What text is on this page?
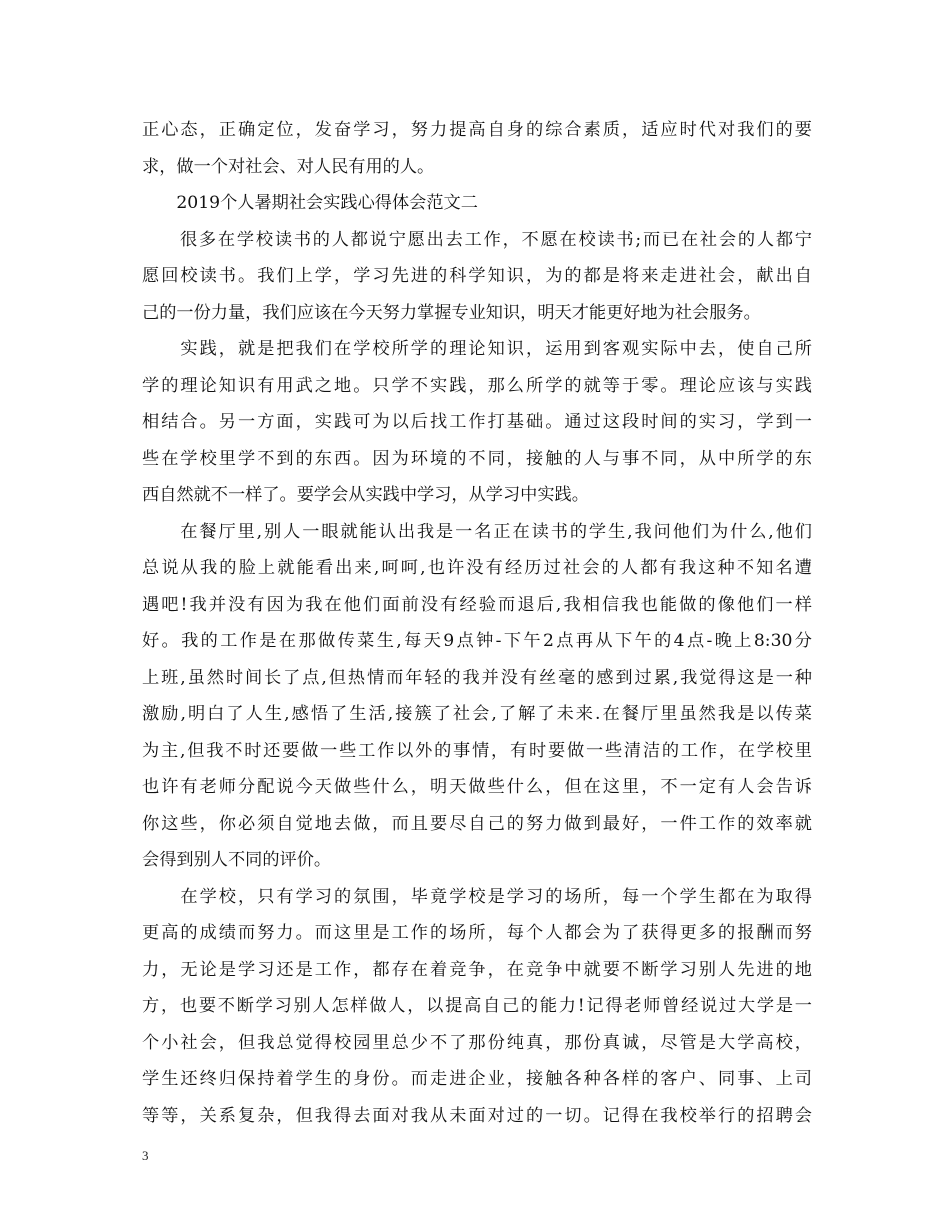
正心态，正确定位，发奋学习，努力提高自身的综合素质，适应时代对我们的要
求，做一个对社会、对人民有用的人。
　　2019个人暑期社会实践心得体会范文二
　　很多在学校读书的人都说宁愿出去工作，不愿在校读书;而已在社会的人都宁
愿回校读书。我们上学，学习先进的科学知识，为的都是将来走进社会，献出自
己的一份力量，我们应该在今天努力掌握专业知识，明天才能更好地为社会服务。
　　实践，就是把我们在学校所学的理论知识，运用到客观实际中去，使自己所
学的理论知识有用武之地。只学不实践，那么所学的就等于零。理论应该与实践
相结合。另一方面，实践可为以后找工作打基础。通过这段时间的实习，学到一
些在学校里学不到的东西。因为环境的不同，接触的人与事不同，从中所学的东
西自然就不一样了。要学会从实践中学习，从学习中实践。
　　在餐厅里,别人一眼就能认出我是一名正在读书的学生,我问他们为什么,他们
总说从我的脸上就能看出来,呵呵,也许没有经历过社会的人都有我这种不知名遭
遇吧!我并没有因为我在他们面前没有经验而退后,我相信我也能做的像他们一样
好。我的工作是在那做传菜生,每天9点钟-下午2点再从下午的4点-晚上8:30分
上班,虽然时间长了点,但热情而年轻的我并没有丝毫的感到过累,我觉得这是一种
激励,明白了人生,感悟了生活,接簇了社会,了解了未来.在餐厅里虽然我是以传菜
为主,但我不时还要做一些工作以外的事情，有时要做一些清洁的工作，在学校里
也许有老师分配说今天做些什么，明天做些什么，但在这里，不一定有人会告诉
你这些，你必须自觉地去做，而且要尽自己的努力做到最好，一件工作的效率就
会得到别人不同的评价。
　　在学校，只有学习的氛围，毕竟学校是学习的场所，每一个学生都在为取得
更高的成绩而努力。而这里是工作的场所，每个人都会为了获得更多的报酬而努
力，无论是学习还是工作，都存在着竞争，在竞争中就要不断学习别人先进的地
方，也要不断学习别人怎样做人，以提高自己的能力!记得老师曾经说过大学是一
个小社会，但我总觉得校园里总少不了那份纯真，那份真诚，尽管是大学高校，
学生还终归保持着学生的身份。而走进企业，接触各种各样的客户、同事、上司
等等，关系复杂，但我得去面对我从未面对过的一切。记得在我校举行的招聘会
3
